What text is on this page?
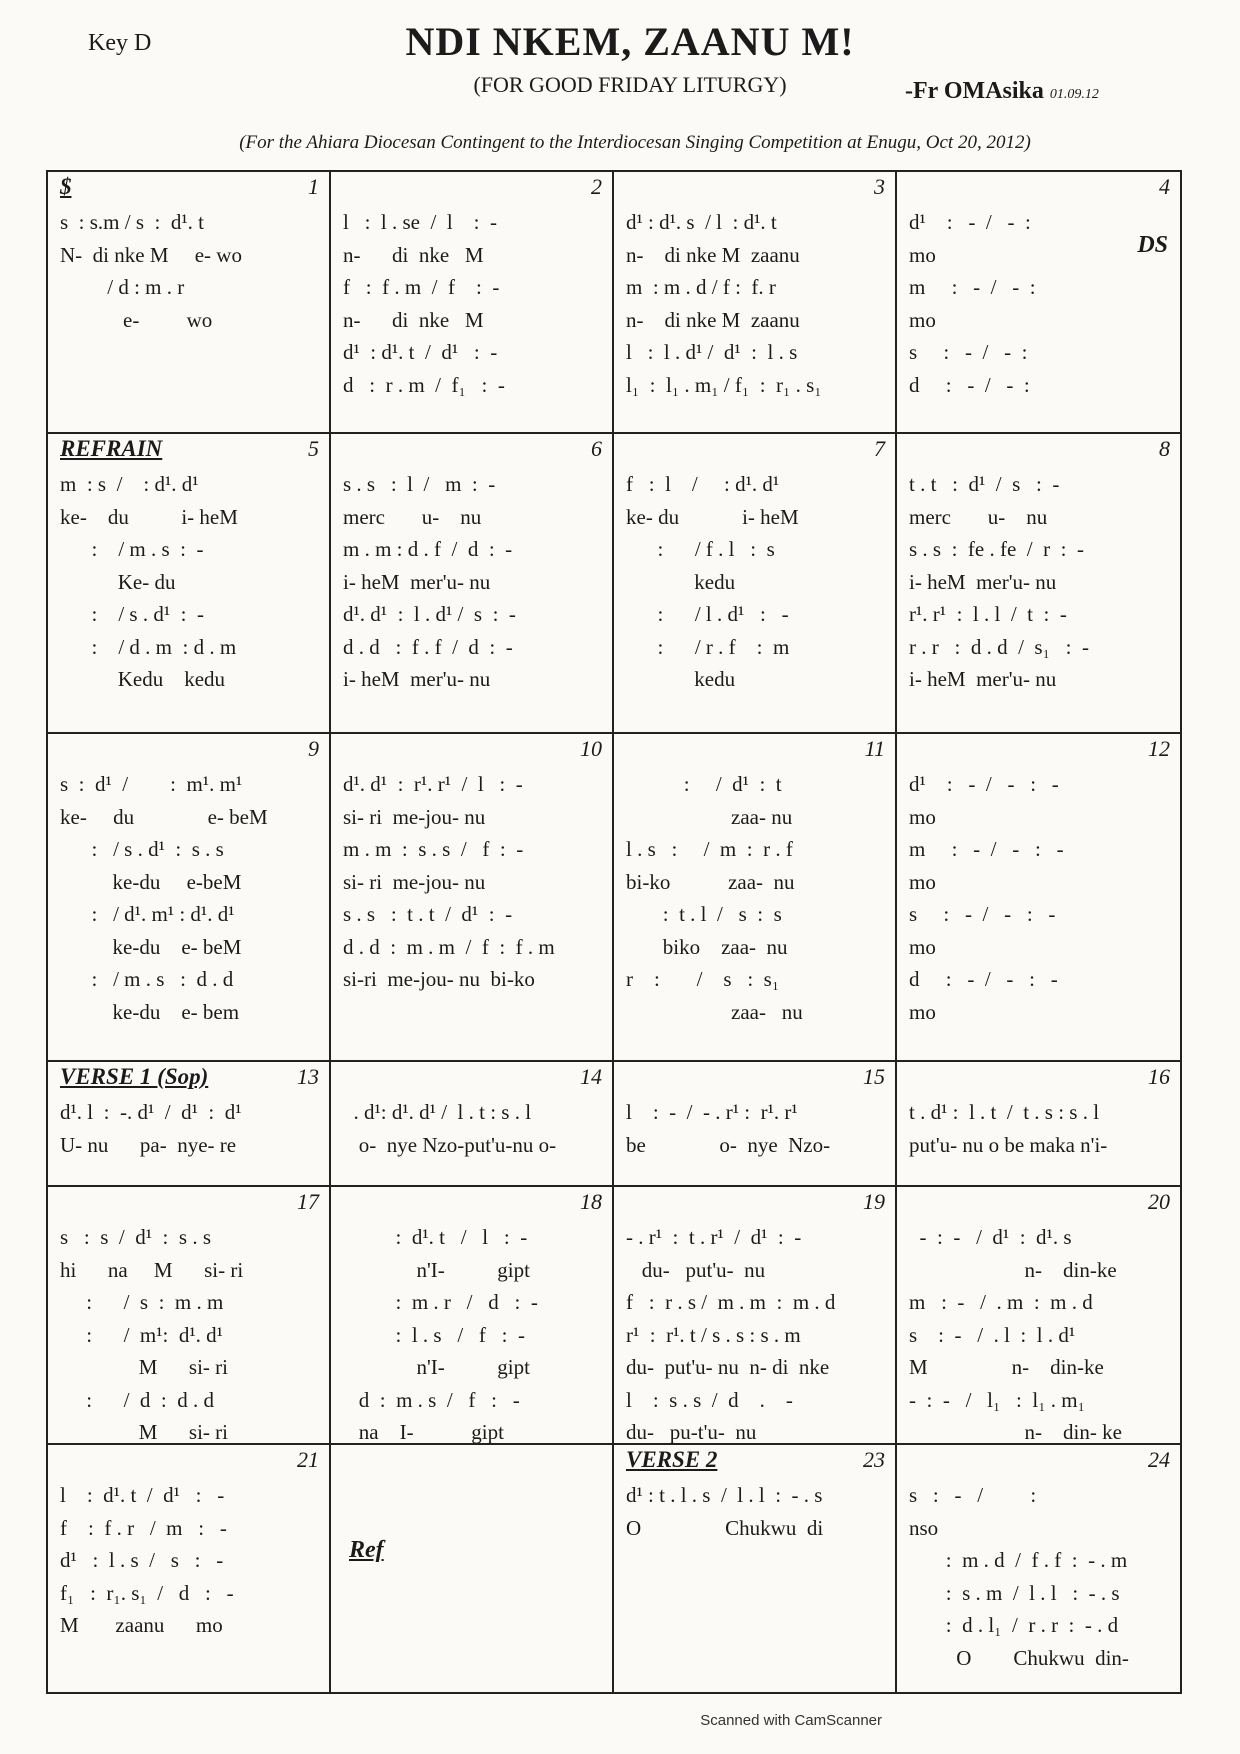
Key D	NDI NKEM, ZAANU M!
(FOR GOOD FRIDAY LITURGY)	-Fr OMAsika 01.09.12
(For the Ahiara Diocesan Contingent to the Interdiocesan Singing Competition at Enugu, Oct 20, 2012)
1
$
s  : s.m / s  :  d¹. t
N-  di nke M     e- wo
/ d : m . r
e-         wo
2
l   :  l . se  /  l    :  -
n-      di  nke   M
f   :  f . m  /  f    :  -
n-      di  nke   M
d¹  : d¹. t  /  d¹   :  -
d   :  r . m  /  f₁   :  -
3
d¹ : d¹. s  / l  : d¹. t
n-    di nke M  zaanu
m  : m . d / f :  f. r
n-    di nke M  zaanu
l   :  l . d¹ /  d¹  :  l . s
l₁  :  l₁ . m₁ / f₁  :  r₁ . s₁
4
DS
d¹    :   -  /   -  :
mo
m     :   -  /   -  :
mo
s     :   -  /   -  :
d     :   -  /   -  :
5
REFRAIN
m  : s  /    : d¹. d¹
ke-    du          i- heM
:    / m . s  :  -
Ke- du
:    / s . d¹  :  -
:    / d . m  : d . m
Kedu    kedu
6
s . s   :  l  /   m  :  -
merc       u-    nu
m . m : d . f  /  d  :  -
i- heM  mer'u- nu
d¹. d¹  :  l . d¹ /  s  :  -
d . d   :  f . f  /  d  :  -
i- heM  mer'u- nu
7
f   :  l    /     : d¹. d¹
ke- du            i- heM
:      / f . l   :  s
kedu
:      / l . d¹   :   -
:      / r . f    :  m
kedu
8
t . t   :  d¹  /  s   :  -
merc       u-    nu
s . s  :  fe . fe  /  r  :  -
i- heM  mer'u- nu
r¹. r¹  :  l . l  /  t  :  -
r . r   :  d . d  /  s₁   :  -
i- heM  mer'u- nu
9
s  :  d¹  /        :  m¹. m¹
ke-     du              e- beM
:   / s . d¹  :  s . s
ke-du     e-beM
:   / d¹. m¹ : d¹. d¹
ke-du    e- beM
:   / m . s   :  d . d
ke-du    e- bem
10
d¹. d¹  :  r¹. r¹  /  l   :  -
si- ri  me-jou- nu
m . m  :  s . s  /   f  :  -
si- ri  me-jou- nu
s . s   :  t . t  /  d¹  :  -
d . d  :  m . m  /  f  :  f . m
si-ri  me-jou- nu  bi-ko
11
:     /  d¹  :  t
zaa- nu
l . s   :     /  m  :  r . f
bi-ko           zaa-  nu
:  t . l  /   s  :  s
biko    zaa-  nu
r    :       /    s   :  s₁
zaa-   nu
12
d¹    :   -  /   -   :   -
mo
m     :   -  /   -   :   -
mo
s     :   -  /   -   :   -
mo
d     :   -  /   -   :   -
mo
13
VERSE 1 (Sop)
d¹. l  :  -. d¹  /  d¹  :  d¹
U- nu      pa-  nye- re
14
. d¹: d¹. d¹ /  l . t : s . l
o-  nye Nzo-put'u-nu o-
15
l    :  -  /  - . r¹ :  r¹. r¹
be              o-  nye  Nzo-
16
t . d¹ :  l . t  /  t . s : s . l
put'u- nu o be maka n'i-
17
s   :  s  /  d¹  :  s . s
hi      na     M      si- ri
:      /  s  :  m . m
:      /  m¹:  d¹. d¹
M      si- ri
:      /  d  :  d . d
M      si- ri
18
:  d¹. t   /   l   :  -
n'I-          gipt
:  m . r   /   d   :  -
:  l . s   /   f   :  -
n'I-          gipt
d  :  m . s  /   f   :   -
na    I-           gipt
19
- . r¹  :  t . r¹  /  d¹  :  -
du-   put'u-  nu
f   :  r . s /  m . m  :  m . d
r¹  :  r¹. t / s . s : s . m
du-  put'u- nu  n- di  nke
l    :  s . s  /  d    .    -
du-   pu-t'u-  nu
20
-  :  -   /  d¹  :  d¹. s
n-    din-ke
m   :  -   /  . m  :  m . d
s    :  -   /  . l  :  l . d¹
M                n-    din-ke
-  :  -   /   l₁   :  l₁ . m₁
n-    din- ke
21
l    :  d¹. t  /  d¹   :   -
f    :  f . r   /  m   :   -
d¹   :  l . s  /   s   :   -
f₁   :  r₁. s₁  /   d   :   -
M       zaanu      mo
Ref
23
VERSE 2
d¹ : t . l . s  /  l . l  :  - . s
O                Chukwu  di
24
s   :   -   /         :
nso
:  m . d  /  f . f  :  - . m
:  s . m  /  l . l   :  - . s
:  d . l₁  /  r . r  :  - . d
O        Chukwu  din-
Scanned with CamScanner
